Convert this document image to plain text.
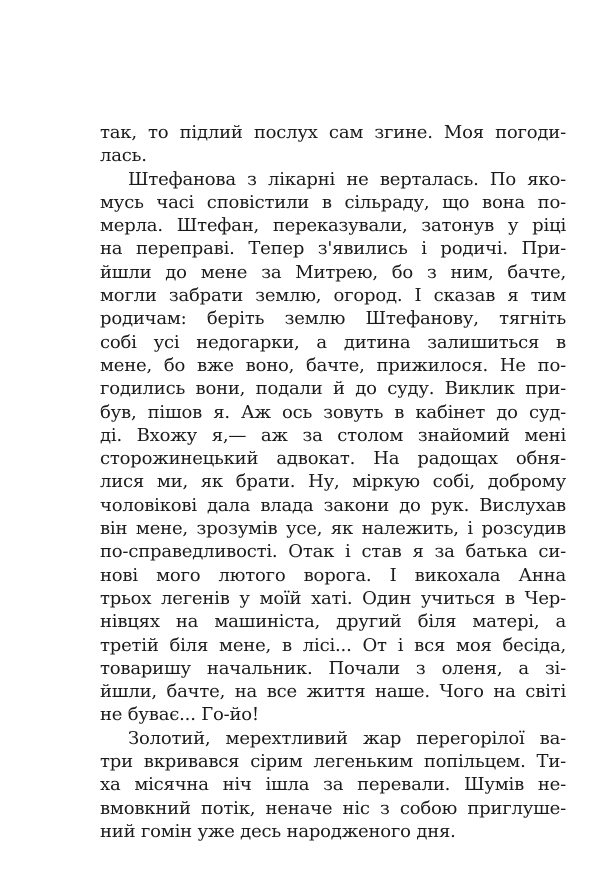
так, то підлий послух сам згине. Моя погоди-
лась.
Штефанова з лікарні не верталась. По яко-
мусь часі сповістили в сільраду, що вона по-
мерла. Штефан, переказували, затонув у ріці
на переправі. Тепер з'явились і родичі. При-
йшли до мене за Митрею, бо з ним, бачте,
могли забрати землю, огород. І сказав я тим
родичам: беріть землю Штефанову, тягніть
собі усі недогарки, а дитина залишиться в
мене, бо вже воно, бачте, прижилося. Не по-
годились вони, подали й до суду. Виклик при-
був, пішов я. Аж ось зовуть в кабінет до суд-
ді. Вхожу я,— аж за столом знайомий мені
сторожинецький адвокат. На радощах обня-
лися ми, як брати. Ну, міркую собі, доброму
чоловікові дала влада закони до рук. Вислухав
він мене, зрозумів усе, як належить, і розсудив
по-справедливості. Отак і став я за батька си-
нові мого лютого ворога. І викохала Анна
трьох легенів у моїй хаті. Один учиться в Чер-
нівцях на машиніста, другий біля матері, а
третій біля мене, в лісі... От і вся моя бесіда,
товаришу начальник. Почали з оленя, а зі-
йшли, бачте, на все життя наше. Чого на світі
не буває... Го-йо!
Золотий, мерехтливий жар перегорілої ва-
три вкривався сірим легеньким попільцем. Ти-
ха місячна ніч ішла за перевали. Шумів не-
вмовкний потік, неначе ніс з собою приглуше-
ний гомін уже десь народженого дня.
